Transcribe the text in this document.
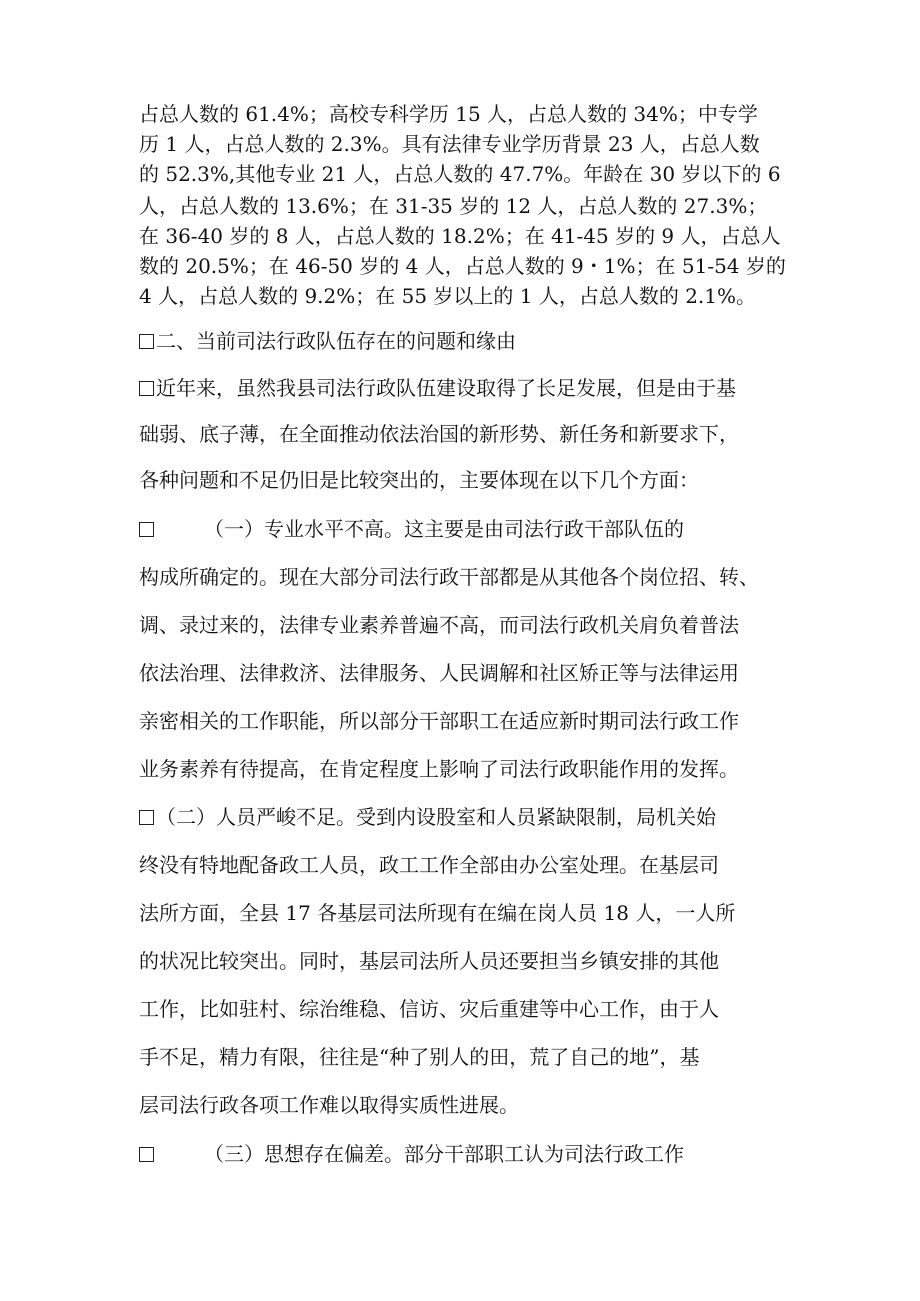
占总人数的 61.4%；高校专科学历 15 人，占总人数的 34%；中专学
历 1 人，占总人数的 2.3%。具有法律专业学历背景 23 人，占总人数
的 52.3%,其他专业 21 人，占总人数的 47.7%。年龄在 30 岁以下的 6
人，占总人数的 13.6%；在 31-35 岁的 12 人，占总人数的 27.3%；
在 36-40 岁的 8 人，占总人数的 18.2%；在 41-45 岁的 9 人，占总人
数的 20.5%；在 46-50 岁的 4 人，占总人数的 9・1%；在 51-54 岁的
4 人，占总人数的 9.2%；在 55 岁以上的 1 人，占总人数的 2.1%。
二、当前司法行政队伍存在的问题和缘由
近年来，虽然我县司法行政队伍建设取得了长足发展，但是由于基
础弱、底子薄，在全面推动依法治国的新形势、新任务和新要求下，
各种问题和不足仍旧是比较突出的，主要体现在以下几个方面：
（一）专业水平不高。这主要是由司法行政干部队伍的
构成所确定的。现在大部分司法行政干部都是从其他各个岗位招、转、
调、录过来的，法律专业素养普遍不高，而司法行政机关肩负着普法
依法治理、法律救济、法律服务、人民调解和社区矫正等与法律运用
亲密相关的工作职能，所以部分干部职工在适应新时期司法行政工作
业务素养有待提高，在肯定程度上影响了司法行政职能作用的发挥。
（二）人员严峻不足。受到内设股室和人员紧缺限制，局机关始
终没有特地配备政工人员，政工工作全部由办公室处理。在基层司
法所方面，全县 17 各基层司法所现有在编在岗人员 18 人，一人所
的状况比较突出。同时，基层司法所人员还要担当乡镇安排的其他
工作，比如驻村、综治维稳、信访、灾后重建等中心工作，由于人
手不足，精力有限，往往是“种了别人的田，荒了自己的地”，基
层司法行政各项工作难以取得实质性进展。
（三）思想存在偏差。部分干部职工认为司法行政工作
